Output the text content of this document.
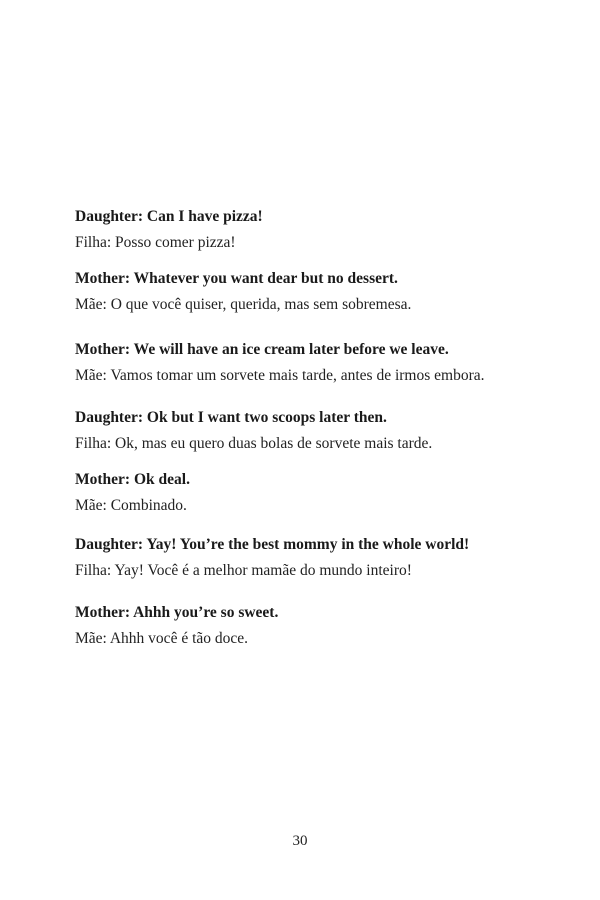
Daughter: Can I have pizza!
Filha: Posso comer pizza!
Mother: Whatever you want dear but no dessert.
Mãe: O que você quiser, querida, mas sem sobremesa.
Mother: We will have an ice cream later before we leave.
Mãe: Vamos tomar um sorvete mais tarde, antes de irmos embora.
Daughter: Ok but I want two scoops later then.
Filha: Ok, mas eu quero duas bolas de sorvete mais tarde.
Mother: Ok deal.
Mãe: Combinado.
Daughter: Yay! You’re the best mommy in the whole world!
Filha: Yay! Você é a melhor mamãe do mundo inteiro!
Mother: Ahhh you’re so sweet.
Mãe: Ahhh você é tão doce.
30
